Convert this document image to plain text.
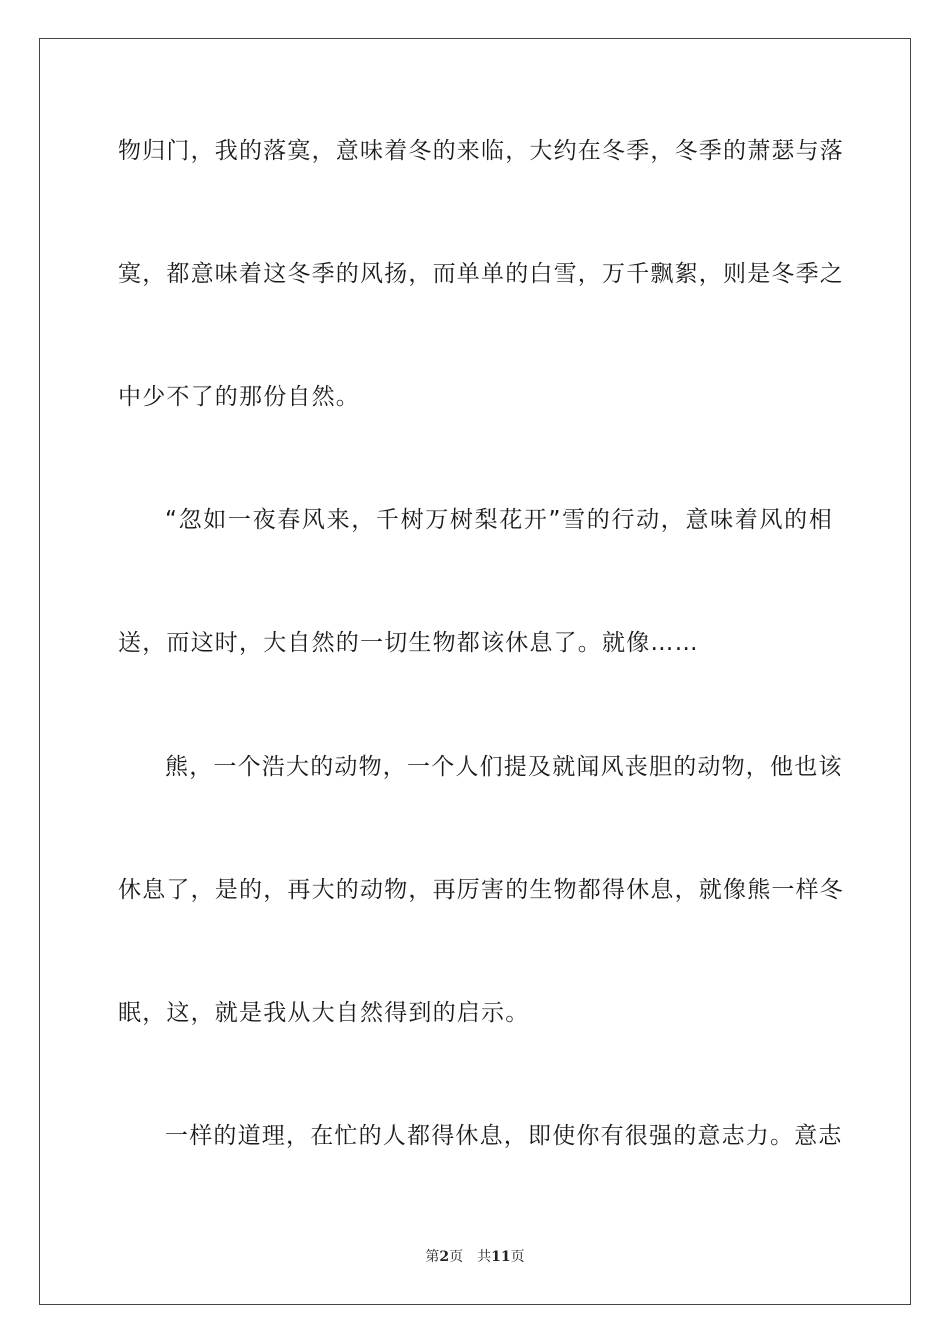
物归门，我的落寞，意味着冬的来临，大约在冬季，冬季的萧瑟与落
寞，都意味着这冬季的风扬，而单单的白雪，万千飘絮，则是冬季之
中少不了的那份自然。
“忽如一夜春风来，千树万树梨花开”雪的行动，意味着风的相
送，而这时，大自然的一切生物都该休息了。就像……
熊，一个浩大的动物，一个人们提及就闻风丧胆的动物，他也该
休息了，是的，再大的动物，再厉害的生物都得休息，就像熊一样冬
眠，这，就是我从大自然得到的启示。
一样的道理，在忙的人都得休息，即使你有很强的意志力。意志
第2页 共11页
